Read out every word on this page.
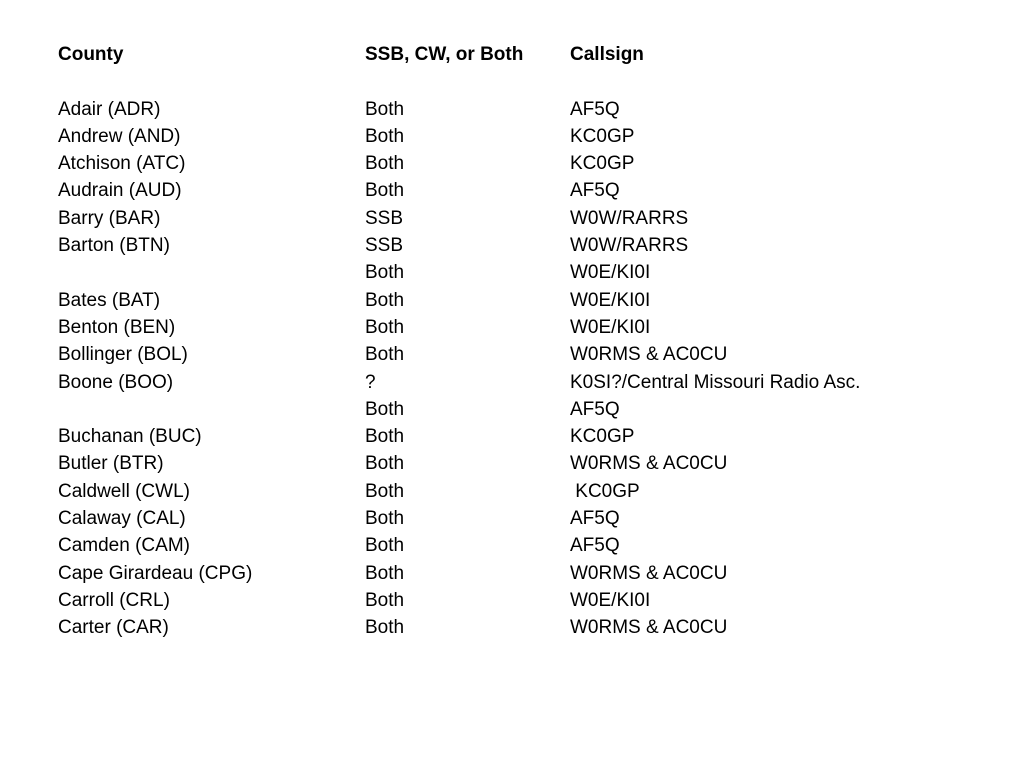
County	SSB, CW, or Both	Callsign

Adair (ADR)	Both	AF5Q
Andrew (AND)	Both	KC0GP
Atchison (ATC)	Both	KC0GP
Audrain (AUD)	Both	AF5Q
Barry (BAR)	SSB	W0W/RARRS
Barton (BTN)	SSB	W0W/RARRS
	Both	W0E/KI0I
Bates (BAT)	Both	W0E/KI0I
Benton (BEN)	Both	W0E/KI0I
Bollinger (BOL)	Both	W0RMS & AC0CU
Boone (BOO)	?	K0SI?/Central Missouri Radio Asc.
	Both	AF5Q
Buchanan (BUC)	Both	KC0GP
Butler (BTR)	Both	W0RMS & AC0CU
Caldwell (CWL)	Both	KC0GP
Calaway (CAL)	Both	AF5Q
Camden (CAM)	Both	AF5Q
Cape Girardeau (CPG)	Both	W0RMS & AC0CU
Carroll (CRL)	Both	W0E/KI0I
Carter (CAR)	Both	W0RMS & AC0CU
